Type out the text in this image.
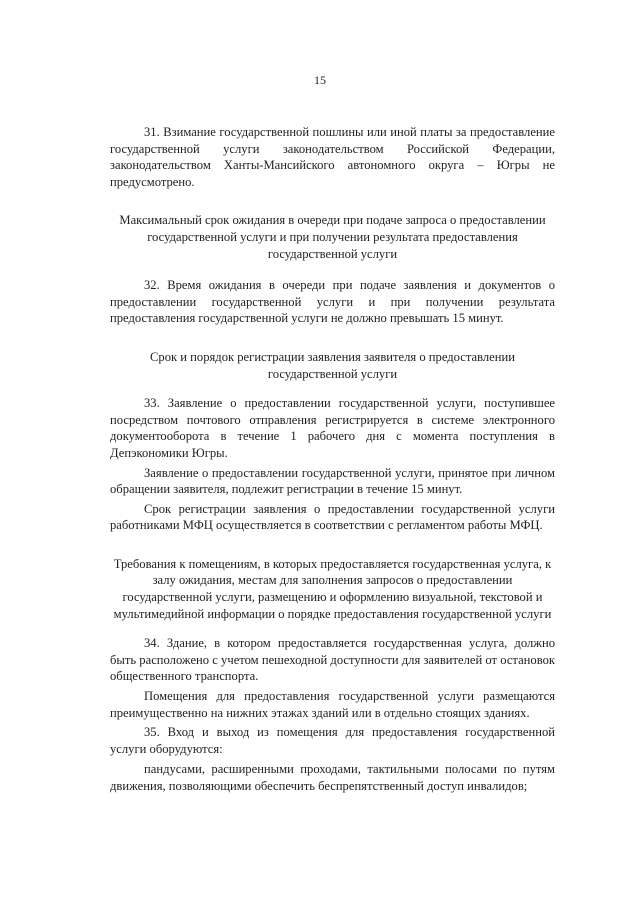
15

31. Взимание государственной пошлины или иной платы за предоставление государственной услуги законодательством Российской Федерации, законодательством Ханты-Мансийского автономного округа – Югры не предусмотрено.

Максимальный срок ожидания в очереди при подаче запроса о предоставлении государственной услуги и при получении результата предоставления государственной услуги

32. Время ожидания в очереди при подаче заявления и документов о предоставлении государственной услуги и при получении результата предоставления государственной услуги не должно превышать 15 минут.

Срок и порядок регистрации заявления заявителя о предоставлении государственной услуги

33. Заявление о предоставлении государственной услуги, поступившее посредством почтового отправления регистрируется в системе электронного документооборота в течение 1 рабочего дня с момента поступления в Депэкономики Югры.

Заявление о предоставлении государственной услуги, принятое при личном обращении заявителя, подлежит регистрации в течение 15 минут.

Срок регистрации заявления о предоставлении государственной услуги работниками МФЦ осуществляется в соответствии с регламентом работы МФЦ.

Требования к помещениям, в которых предоставляется государственная услуга, к залу ожидания, местам для заполнения запросов о предоставлении государственной услуги, размещению и оформлению визуальной, текстовой и мультимедийной информации о порядке предоставления государственной услуги

34. Здание, в котором предоставляется государственная услуга, должно быть расположено с учетом пешеходной доступности для заявителей от остановок общественного транспорта.

Помещения для предоставления государственной услуги размещаются преимущественно на нижних этажах зданий или в отдельно стоящих зданиях.

35. Вход и выход из помещения для предоставления государственной услуги оборудуются:

пандусами, расширенными проходами, тактильными полосами по путям движения, позволяющими обеспечить беспрепятственный доступ инвалидов;
